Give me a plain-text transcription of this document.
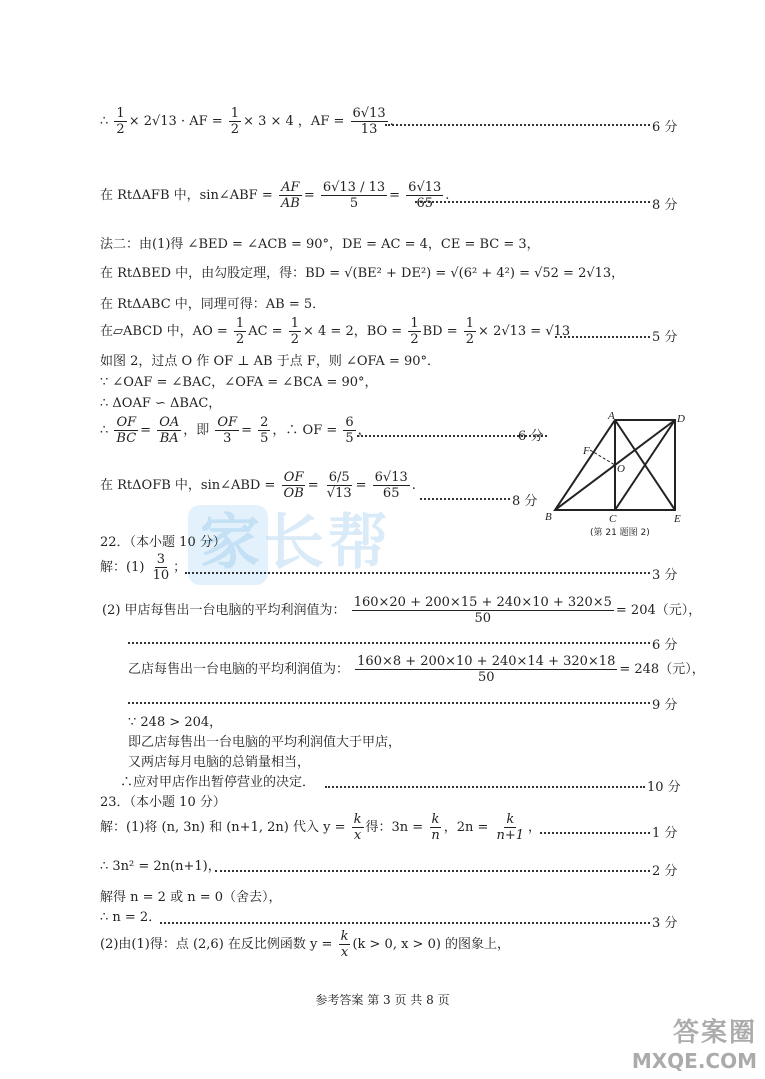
家长帮
∴ $\frac{1}{2} \times 2√13$ · AF = $\frac{1}{2} \times 3 \times 4$ ，AF = $\frac{6√13}{13}$ .	6 分
在 RtΔAFB 中，sin∠ABF = $\frac{AF}{AB} = \frac{6√13 / 13}{5} = \frac{6√13}{65}$ .
8 分
法二：由(1)得 ∠BED = ∠ACB = 90°，DE = AC = 4，CE = BC = 3，
在 RtΔBED 中，由勾股定理，得：BD = √(BE² + DE²) = √(6² + 4²) = √52 = 2√13，
在 RtΔABC 中，同理可得：AB = 5．
在▱ABCD 中，AO = $\frac{1}{2}$ AC = $\frac{1}{2} \times 4 = 2$，BO = $\frac{1}{2}$ BD = $\frac{1}{2} \times 2√13 = √13$	5 分
如图 2，过点 O 作 OF ⊥ AB 于点 F，则 ∠OFA = 90°．
∵ ∠OAF = ∠BAC，∠OFA = ∠BCA = 90°，
∴ ΔOAF ∽ ΔBAC，
∴ $\frac{OF}{BC} = \frac{OA}{BA}$ ，即 $\frac{OF}{3} = \frac{2}{5}$ ，∴ OF = $\frac{6}{5}$ ，	6 分
在 RtΔOFB 中，sin∠ABD = $\frac{OF}{OB} = \frac{6/5}{√13} = \frac{6√13}{65}$ .
8 分
A	D
F
O
B	C	E
(第 21 题图 2)
22．（本小题 10 分）
解：$(1) \frac{3}{10}$ ；
3 分
(2) 甲店每售出一台电脑的平均利润值为： $\frac{160\times 20 + 200\times 15 + 240\times 10 + 320\times 5}{50} = 204$（元），
6 分
乙店每售出一台电脑的平均利润值为： $\frac{160\times 8 + 200\times 10 + 240\times 14 + 320\times 18}{50} = 248$（元），
9 分
∵ 248 > 204，
即乙店每售出一台电脑的平均利润值大于甲店，
又两店每月电脑的总销量相当，
∴应对甲店作出暂停营业的决定．	10 分
23．（本小题 10 分）
解：(1)将 (n, 3n) 和 (n+1, 2n) 代入 $y = \frac{k}{x}$ 得：$3n = \frac{k}{n}$ ，$2n = \frac{k}{n+1}$ ，	1 分
∴ 3n² = 2n(n+1)，	2 分
解得 n = 2 或 n = 0（舍去），
∴ n = 2．	3 分
(2)由(1)得：点 (2,6) 在反比例函数 $y = \frac{k}{x} (k > 0$, x > 0) 的图象上，
参考答案 第 3 页 共 8 页
答案圈
MXQE.COM
